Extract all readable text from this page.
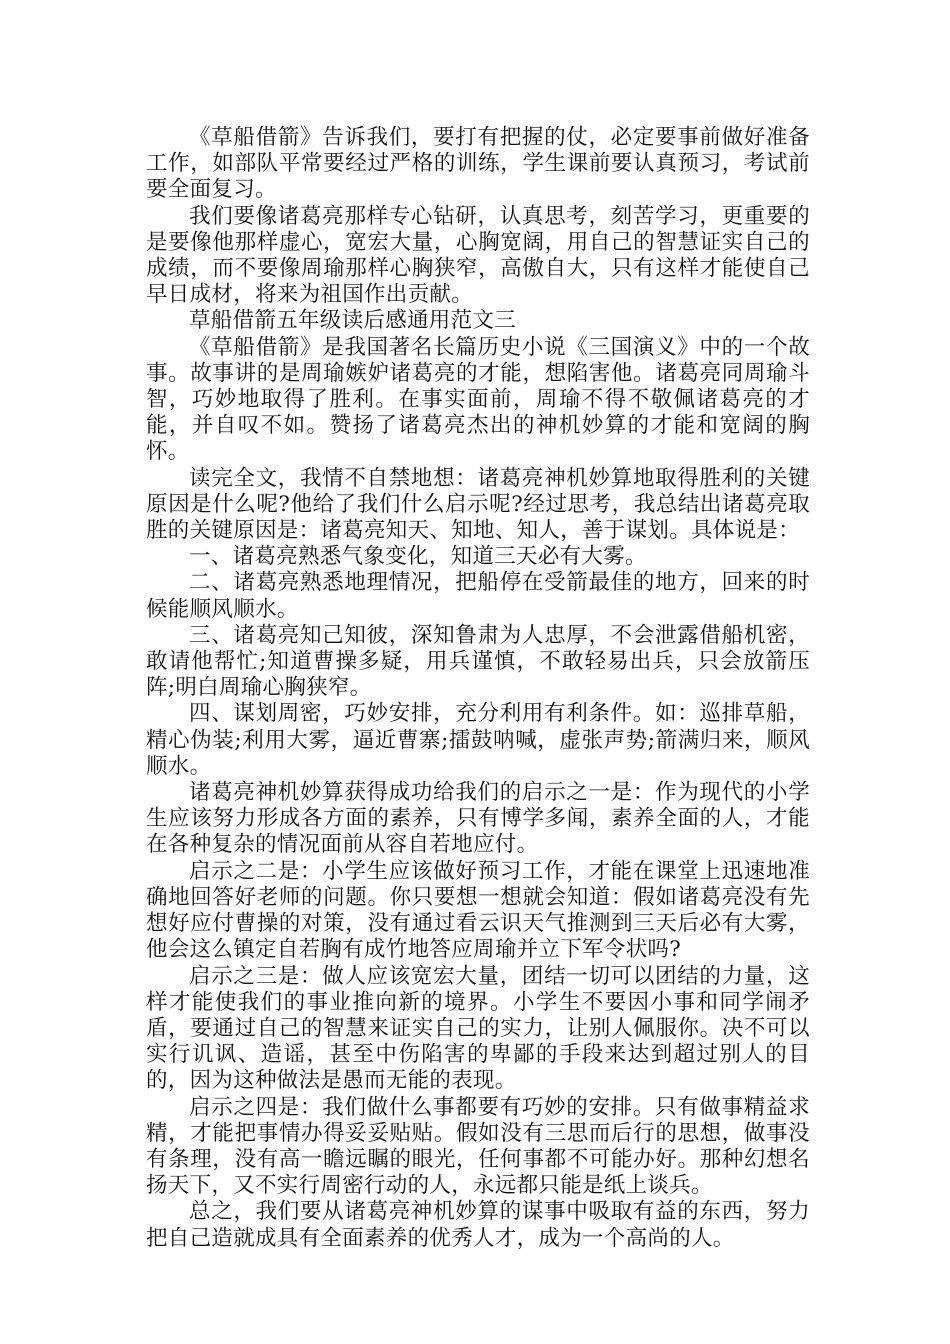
《草船借箭》告诉我们，要打有把握的仗，必定要事前做好准备工作，如部队平常要经过严格的训练，学生课前要认真预习，考试前要全面复习。

我们要像诸葛亮那样专心钻研，认真思考，刻苦学习，更重要的是要像他那样虚心，宽宏大量，心胸宽阔，用自己的智慧证实自己的成绩，而不要像周瑜那样心胸狭窄，高傲自大，只有这样才能使自己早日成材，将来为祖国作出贡献。

草船借箭五年级读后感通用范文三

《草船借箭》是我国著名长篇历史小说《三国演义》中的一个故事。故事讲的是周瑜嫉妒诸葛亮的才能，想陷害他。诸葛亮同周瑜斗智，巧妙地取得了胜利。在事实面前，周瑜不得不敬佩诸葛亮的才能，并自叹不如。赞扬了诸葛亮杰出的神机妙算的才能和宽阔的胸怀。

读完全文，我情不自禁地想：诸葛亮神机妙算地取得胜利的关键原因是什么呢?他给了我们什么启示呢?经过思考，我总结出诸葛亮取胜的关键原因是：诸葛亮知天、知地、知人，善于谋划。具体说是：

一、诸葛亮熟悉气象变化，知道三天必有大雾。

二、诸葛亮熟悉地理情况，把船停在受箭最佳的地方，回来的时候能顺风顺水。

三、诸葛亮知己知彼，深知鲁肃为人忠厚，不会泄露借船机密，敢请他帮忙;知道曹操多疑，用兵谨慎，不敢轻易出兵，只会放箭压阵;明白周瑜心胸狭窄。

四、谋划周密，巧妙安排，充分利用有利条件。如：巡排草船，精心伪装;利用大雾，逼近曹寨;擂鼓呐喊，虚张声势;箭满归来，顺风顺水。

诸葛亮神机妙算获得成功给我们的启示之一是：作为现代的小学生应该努力形成各方面的素养，只有博学多闻，素养全面的人，才能在各种复杂的情况面前从容自若地应付。

启示之二是：小学生应该做好预习工作，才能在课堂上迅速地准确地回答好老师的问题。你只要想一想就会知道：假如诸葛亮没有先想好应付曹操的对策，没有通过看云识天气推测到三天后必有大雾，他会这么镇定自若胸有成竹地答应周瑜并立下军令状吗?

启示之三是：做人应该宽宏大量，团结一切可以团结的力量，这样才能使我们的事业推向新的境界。小学生不要因小事和同学闹矛盾，要通过自己的智慧来证实自己的实力，让别人佩服你。决不可以实行讥讽、造谣，甚至中伤陷害的卑鄙的手段来达到超过别人的目的，因为这种做法是愚而无能的表现。

启示之四是：我们做什么事都要有巧妙的安排。只有做事精益求精，才能把事情办得妥妥贴贴。假如没有三思而后行的思想，做事没有条理，没有高一瞻远瞩的眼光，任何事都不可能办好。那种幻想名扬天下，又不实行周密行动的人，永远都只能是纸上谈兵。

总之，我们要从诸葛亮神机妙算的谋事中吸取有益的东西，努力把自己造就成具有全面素养的优秀人才，成为一个高尚的人。
